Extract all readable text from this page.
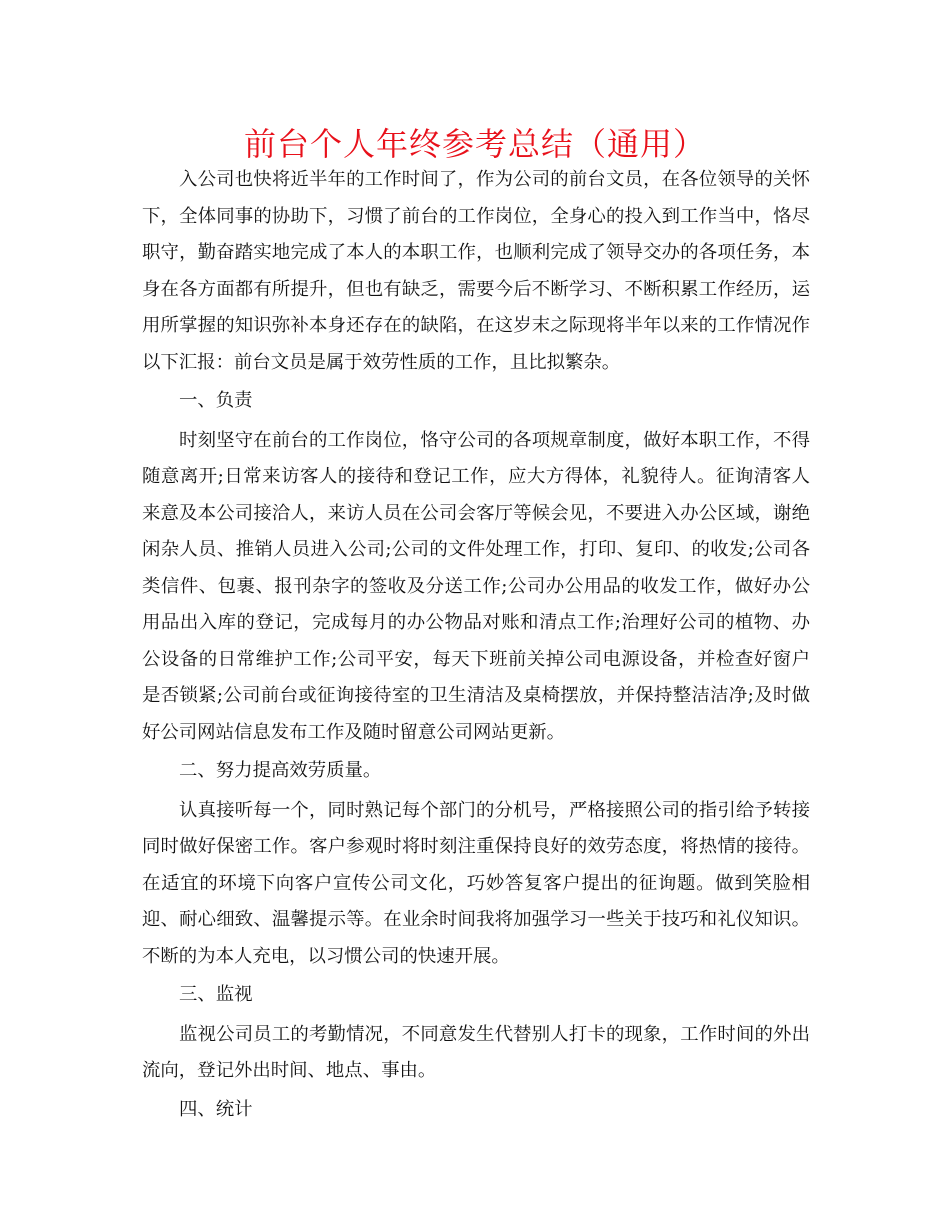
前台个人年终参考总结（通用）

入公司也快将近半年的工作时间了，作为公司的前台文员，在各位领导的关怀下，全体同事的协助下，习惯了前台的工作岗位，全身心的投入到工作当中，恪尽职守，勤奋踏实地完成了本人的本职工作，也顺利完成了领导交办的各项任务，本身在各方面都有所提升，但也有缺乏，需要今后不断学习、不断积累工作经历，运用所掌握的知识弥补本身还存在的缺陷，在这岁末之际现将半年以来的工作情况作以下汇报：前台文员是属于效劳性质的工作，且比拟繁杂。

一、负责

时刻坚守在前台的工作岗位，恪守公司的各项规章制度，做好本职工作，不得随意离开;日常来访客人的接待和登记工作，应大方得体，礼貌待人。征询清客人来意及本公司接洽人，来访人员在公司会客厅等候会见，不要进入办公区域，谢绝闲杂人员、推销人员进入公司;公司的文件处理工作，打印、复印、的收发;公司各类信件、包裹、报刊杂字的签收及分送工作;公司办公用品的收发工作，做好办公用品出入库的登记，完成每月的办公物品对账和清点工作;治理好公司的植物、办公设备的日常维护工作;公司平安，每天下班前关掉公司电源设备，并检查好窗户是否锁紧;公司前台或征询接待室的卫生清洁及桌椅摆放，并保持整洁洁净;及时做好公司网站信息发布工作及随时留意公司网站更新。

二、努力提高效劳质量。

认真接听每一个，同时熟记每个部门的分机号，严格接照公司的指引给予转接同时做好保密工作。客户参观时将时刻注重保持良好的效劳态度，将热情的接待。在适宜的环境下向客户宣传公司文化，巧妙答复客户提出的征询题。做到笑脸相迎、耐心细致、温馨提示等。在业余时间我将加强学习一些关于技巧和礼仪知识。不断的为本人充电，以习惯公司的快速开展。

三、监视

监视公司员工的考勤情况，不同意发生代替别人打卡的现象，工作时间的外出流向，登记外出时间、地点、事由。

四、统计
